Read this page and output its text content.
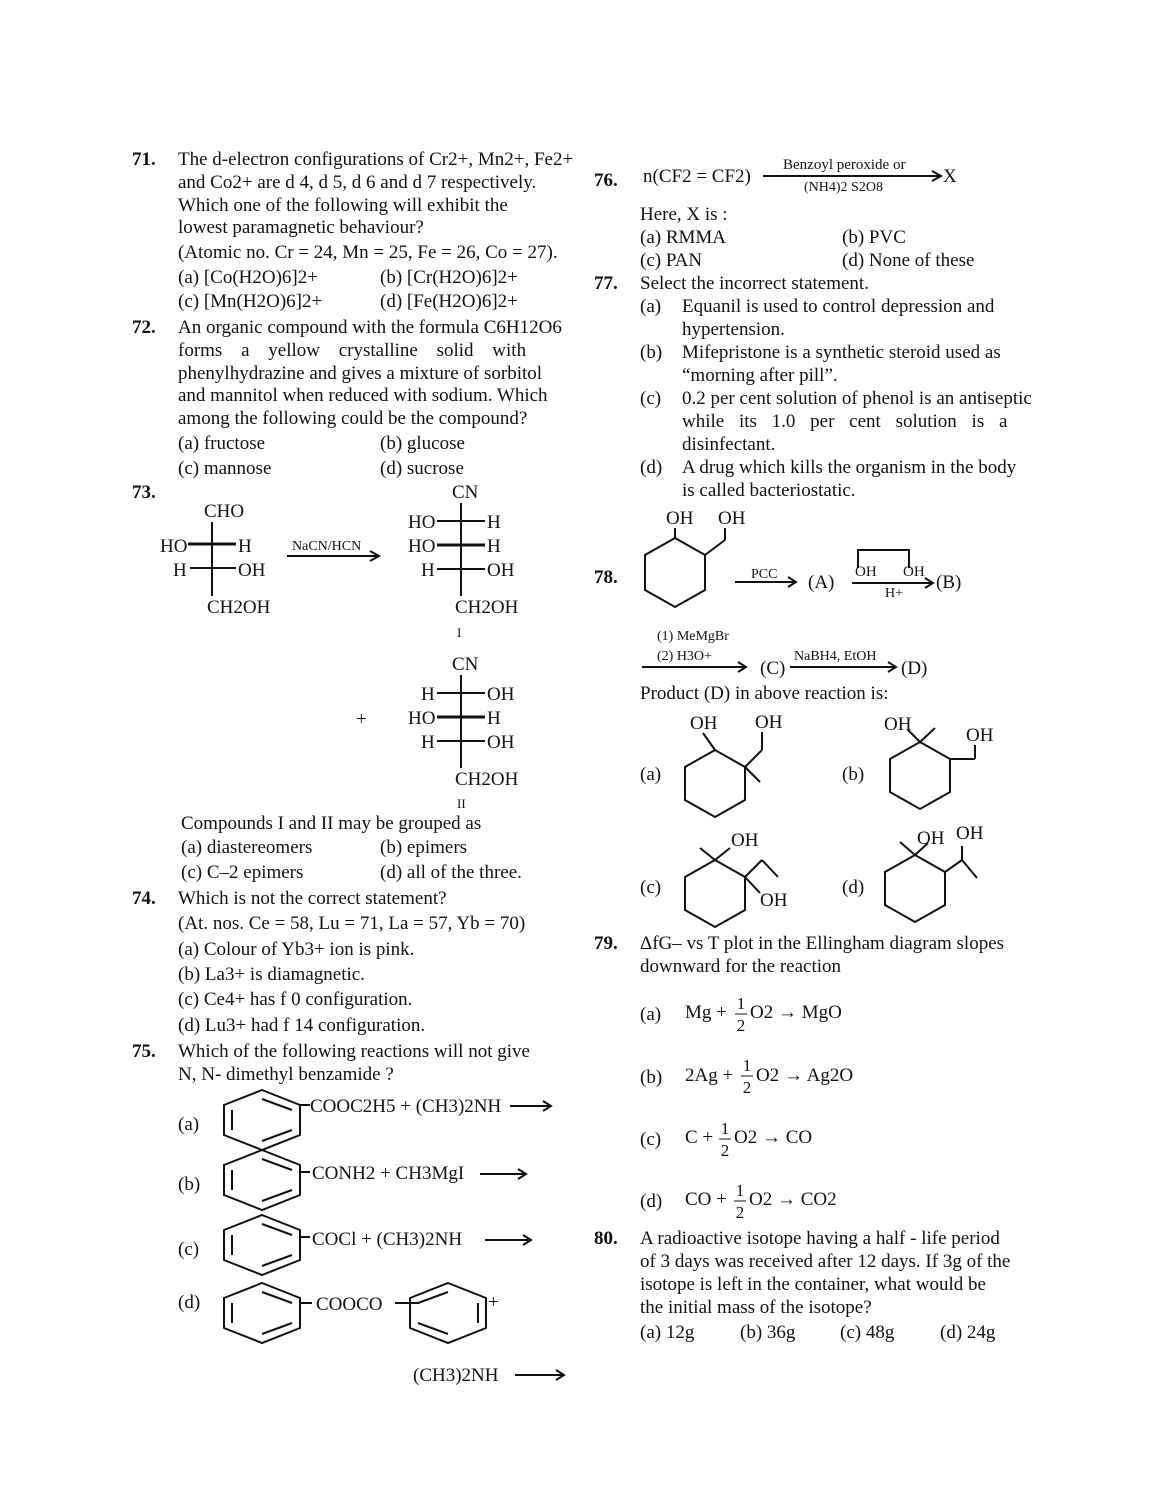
71. The d-electron configurations of Cr2+, Mn2+, Fe2+
and Co2+ are d 4, d 5, d 6 and d 7 respectively.
Which one of the following will exhibit the
lowest paramagnetic behaviour?
(Atomic no. Cr = 24, Mn = 25, Fe = 26, Co = 27).
(a) [Co(H2O)6]2+	(b) [Cr(H2O)6]2+
(c) [Mn(H2O)6]2+	(d) [Fe(H2O)6]2+
72. An organic compound with the formula C6H12O6
forms a yellow crystalline solid with
phenylhydrazine and gives a mixture of sorbitol
and mannitol when reduced with sodium. Which
among the following could be the compound?
(a) fructose	(b) glucose
(c) mannose	(d) sucrose
73.
CHO
HO	H
H	OH
CH2OH
NaCN/HCN
CN
HO	H
HO	H
H	OH
CH2OH
I
CN
H	OH
+ HO	H
H	OH
CH2OH
II
Compounds I and II may be grouped as
(a) diastereomers	(b) epimers
(c) C–2 epimers	(d) all of the three.
74. Which is not the correct statement?
(At. nos. Ce = 58, Lu = 71, La = 57, Yb = 70)
(a) Colour of Yb3+ ion is pink.
(b) La3+ is diamagnetic.
(c) Ce4+ has f 0 configuration.
(d) Lu3+ had f 14 configuration.
75. Which of the following reactions will not give
N, N- dimethyl benzamide ?
(a)
COOC2H5 + (CH3)2NH
(b)
CONH2 + CH3MgI
(c)	COCl + (CH3)2NH
(d)	COOCO	+
(CH3)2NH
76. n(CF2 = CF2)
Benzoyl peroxide or
(NH4)2 S2O8
X
Here, X is :
(a) RMMA	(b) PVC
(c) PAN	(d) None of these
77. Select the incorrect statement.
(a) Equanil is used to control depression and
hypertension.
(b) Mifepristone is a synthetic steroid used as
“morning after pill”.
(c) 0.2 per cent solution of phenol is an antiseptic
while its 1.0 per cent solution is a
disinfectant.
(d) A drug which kills the organism in the body
is called bacteriostatic.
OH OH
78.	PCC (A) OH OH
H+
(B)
(1) MeMgBr
(2) H3O+
(C)
NaBH4, EtOH
(D)
Product (D) in above reaction is:
(a)
OH OH
(b)
OH
OH
(c)
OH
OH
(d)
OH OH
79. ΔfG– vs T plot in the Ellingham diagram slopes
downward for the reaction
(a) Mg + 1
2
O2 → MgO
(b) 2Ag + 1
2
O2 → Ag2O
(c) C + 1
2
O2 → CO
(d) CO + 1
2
O2 → CO2
80. A radioactive isotope having a half - life period
of 3 days was received after 12 days. If 3g of the
isotope is left in the container, what would be
the initial mass of the isotope?
(a) 12g (b) 36g (c) 48g (d) 24g
